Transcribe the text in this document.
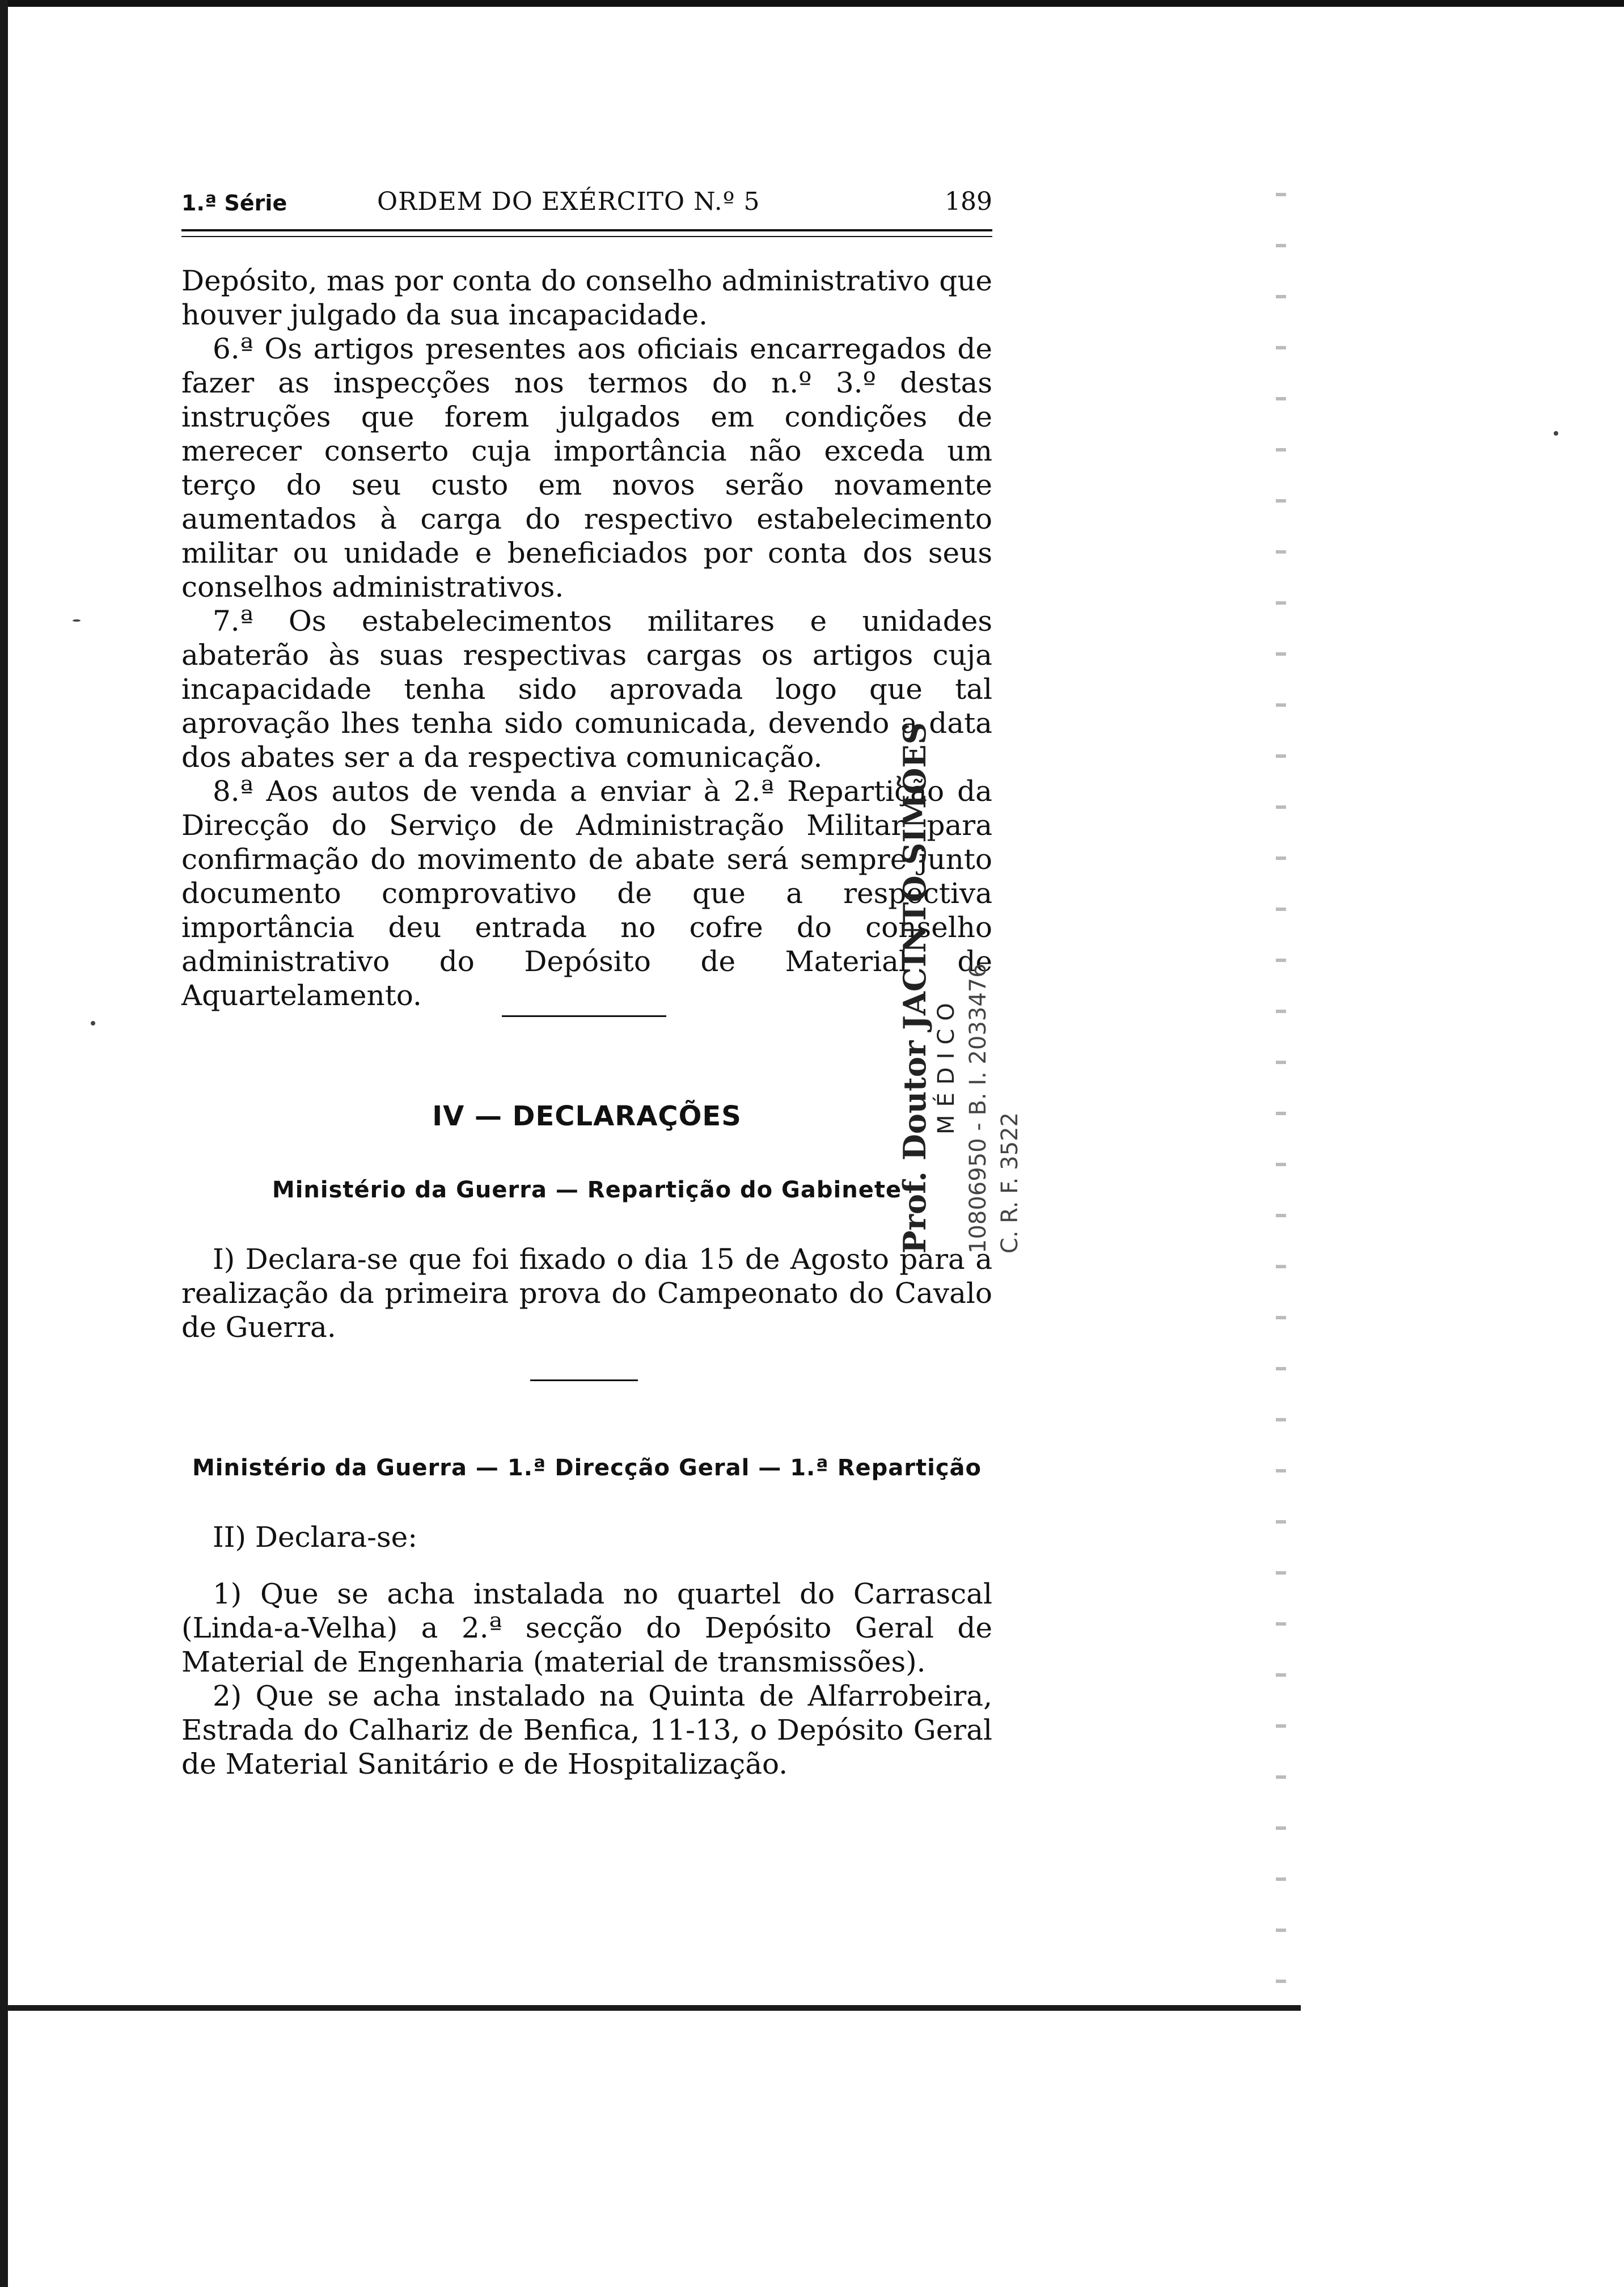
1.ª Série	ORDEM DO EXÉRCITO N.º 5	189

Depósito, mas por conta do conselho administrativo que houver julgado da sua incapacidade.

6.ª Os artigos presentes aos oficiais encarregados de fazer as inspecções nos termos do n.º 3.º destas instruções que forem julgados em condições de merecer conserto cuja importância não exceda um terço do seu custo em novos serão novamente aumentados à carga do respectivo estabelecimento militar ou unidade e beneficiados por conta dos seus conselhos administrativos.

7.ª Os estabelecimentos militares e unidades abaterão às suas respectivas cargas os artigos cuja incapacidade tenha sido aprovada logo que tal aprovação lhes tenha sido comunicada, devendo a data dos abates ser a da respectiva comunicação.

8.ª Aos autos de venda a enviar à 2.ª Repartição da Direcção do Serviço de Administração Militar para confirmação do movimento de abate será sempre junto documento comprovativo de que a respectiva importância deu entrada no cofre do conselho administrativo do Depósito de Material de Aquartelamento.

IV — DECLARAÇÕES
Ministério da Guerra — Repartição do Gabinete

I) Declara-se que foi fixado o dia 15 de Agosto para a realização da primeira prova do Campeonato do Cavalo de Guerra.

Ministério da Guerra — 1.ª Direcção Geral — 1.ª Repartição

II) Declara-se:

1) Que se acha instalada no quartel do Carrascal (Linda-a-Velha) a 2.ª secção do Depósito Geral de Material de Engenharia (material de transmissões).

2) Que se acha instalado na Quinta de Alfarrobeira, Estrada do Calhariz de Benfica, 11-13, o Depósito Geral de Material Sanitário e de Hospitalização.

Prof. Doutor JACINTO SIMÕES MÉDICO 10806950 - B. I. 2033476 C. R. F. 3522
